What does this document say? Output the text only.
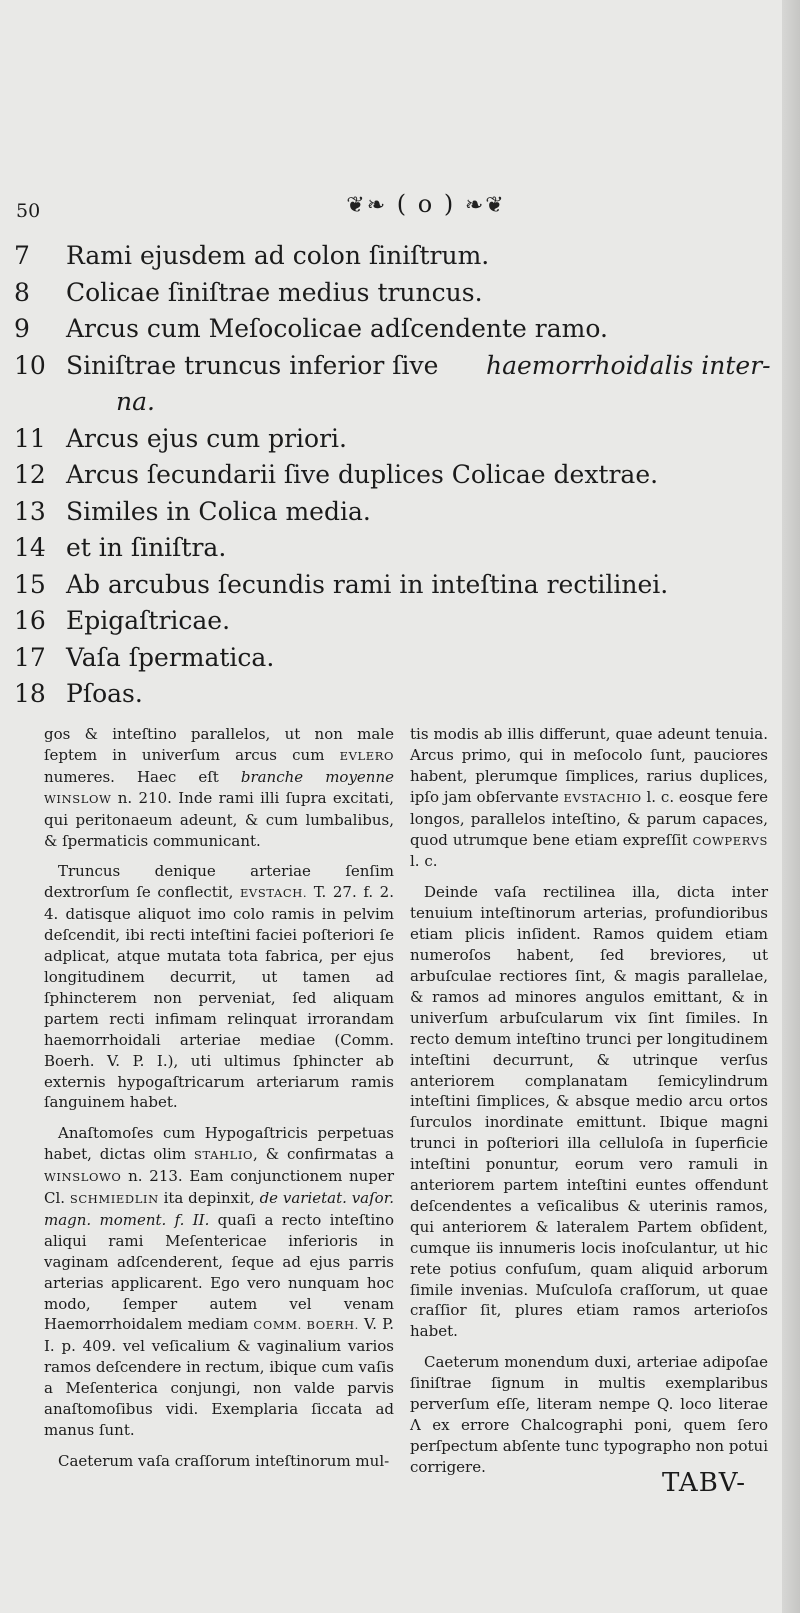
50	❦❧ ( o ) ❧❦
7 Rami ejusdem ad colon ſiniſtrum.
8 Colicae ſiniſtrae medius truncus.
9 Arcus cum Meſocolicae adſcendente ramo.
10 Siniſtrae truncus inferior ſive haemorrhoidalis inter-
na.
11 Arcus ejus cum priori.
12 Arcus ſecundarii ſive duplices Colicae dextrae.
13 Similes in Colica media.
14 et in ſiniſtra.
15 Ab arcubus ſecundis rami in inteſtina rectilinei.
16 Epigaſtricae.
17 Vaſa ſpermatica.
18 Pſoas.

gos & inteſtino parallelos, ut non male ſeptem in univerſum arcus cum EVLERO numeres. Haec eſt branche moyenne WINSLOW n. 210. Inde rami illi ſupra excitati, qui peritonaeum adeunt, & cum lumbalibus, & ſpermaticis communicant.

Truncus denique arteriae ſenſim dextrorſum ſe conflectit, EVSTACH. T. 27. f. 2. 4. datisque aliquot imo colo ramis in pelvim deſcendit, ibi recti inteſtini faciei poſteriori ſe adplicat, atque mutata tota fabrica, per ejus longitudinem decurrit, ut tamen ad ſphincterem non perveniat, ſed aliquam partem recti infimam relinquat irrorandam haemorrhoidali arteriae mediae (Comm. Boerh. V. P. I.), uti ultimus ſphincter ab externis hypogaſtricarum arteriarum ramis ſanguinem habet.

Anaſtomoſes cum Hypogaſtricis perpetuas habet, dictas olim STAHLIO, & confirmatas a WINSLOWO n. 213. Eam conjunctionem nuper Cl. SCHMIEDLIN ita depinxit, de varietat. vaſor. magn. moment. f. II. quaſi a recto inteſtino aliqui rami Meſentericae inferioris in vaginam adſcenderent, ſeque ad ejus parris arterias applicarent. Ego vero nunquam hoc modo, ſemper autem vel venam Haemorrhoidalem mediam COMM. BOERH. V. P. I. p. 409. vel veſicalium & vaginalium varios ramos deſcendere in rectum, ibique cum vaſis a Meſenterica conjungi, non valde parvis anaſtomoſibus vidi. Exemplaria ſiccata ad manus ſunt.

Caeterum vaſa craſſorum inteſtinorum mul-

tis modis ab illis differunt, quae adeunt tenuia. Arcus primo, qui in meſocolo ſunt, pauciores habent, plerumque ſimplices, rarius duplices, ipſo jam obſervante EVSTACHIO l. c. eosque fere longos, parallelos inteſtino, & parum capaces, quod utrumque bene etiam expreſſit COWPERVS l. c.

Deinde vaſa rectilinea illa, dicta inter tenuium inteſtinorum arterias, profundioribus etiam plicis inſident. Ramos quidem etiam numeroſos habent, ſed breviores, ut arbuſculae rectiores ſint, & magis parallelae, & ramos ad minores angulos emittant, & in univerſum arbuſcularum vix ſint ſimiles. In recto demum inteſtino trunci per longitudinem inteſtini decurrunt, & utrinque verſus anteriorem complanatam ſemicylindrum inteſtini ſimplices, & absque medio arcu ortos ſurculos inordinate emittunt. Ibique magni trunci in poſteriori illa celluloſa in ſuperficie inteſtini ponuntur, eorum vero ramuli in anteriorem partem inteſtini euntes offendunt deſcendentes a veſicalibus & uterinis ramos, qui anteriorem & lateralem Partem obſident, cumque iis innumeris locis inoſculantur, ut hic rete potius confuſum, quam aliquid arborum ſimile invenias. Muſculoſa craſſorum, ut quae craſſior ſit, plures etiam ramos arterioſos habet.

Caeterum monendum duxi, arteriae adipoſae ſiniſtrae ſignum in multis exemplaribus perverſum eſſe, literam nempe Q. loco literae Λ ex errore Chalcographi poni, quem ſero perſpectum abſente tunc typographo non potui corrigere.

TABV-
